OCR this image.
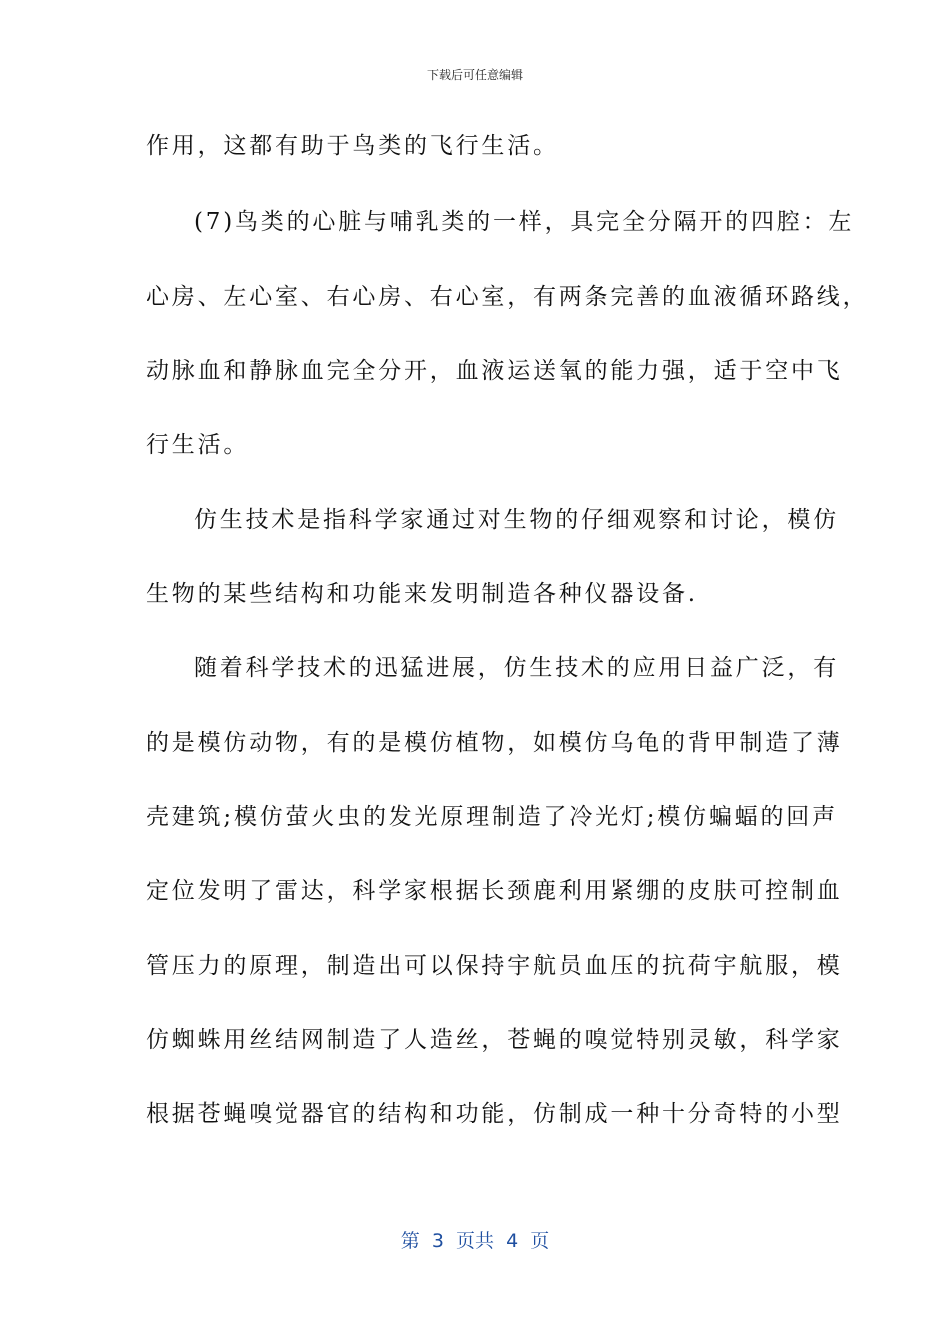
下载后可任意编辑
作用，这都有助于鸟类的飞行生活。
(7)鸟类的心脏与哺乳类的一样，具完全分隔开的四腔：左
心房、左心室、右心房、右心室，有两条完善的血液循环路线，
动脉血和静脉血完全分开，血液运送氧的能力强，适于空中飞
行生活。
仿生技术是指科学家通过对生物的仔细观察和讨论，模仿
生物的某些结构和功能来发明制造各种仪器设备.
随着科学技术的迅猛进展，仿生技术的应用日益广泛，有
的是模仿动物，有的是模仿植物，如模仿乌龟的背甲制造了薄
壳建筑;模仿萤火虫的发光原理制造了冷光灯;模仿蝙蝠的回声
定位发明了雷达，科学家根据长颈鹿利用紧绷的皮肤可控制血
管压力的原理，制造出可以保持宇航员血压的抗荷宇航服，模
仿蜘蛛用丝结网制造了人造丝，苍蝇的嗅觉特别灵敏，科学家
根据苍蝇嗅觉器官的结构和功能，仿制成一种十分奇特的小型
第  3  页共  4  页
